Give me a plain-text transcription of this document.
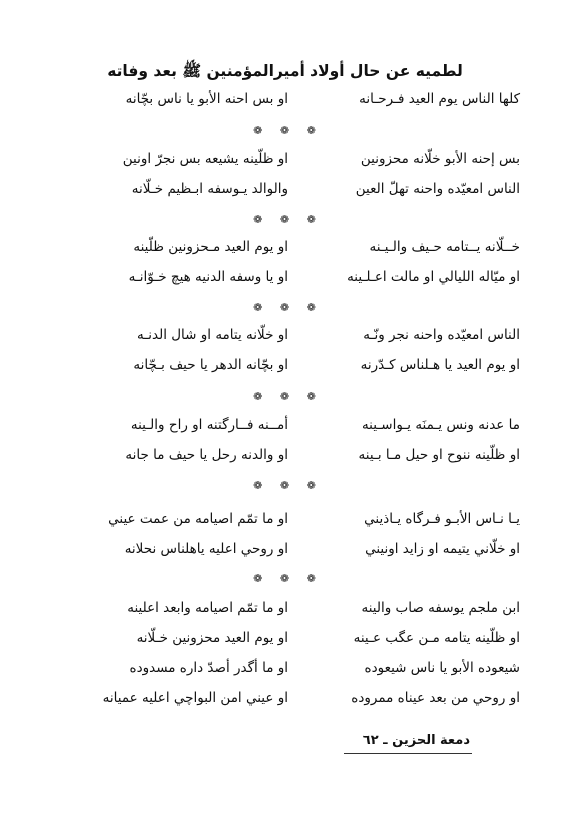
لطميه عن حال أولاد أميرالمؤمنين ﷺ بعد وفاته
كلها الناس يوم العيد فـرحـانه
او بس احنه الأبو يا ناس بچّانه
❁ ❁ ❁
بس إحنه الأبو خلّانه محزونين
او ظلّينه يشيعه بس نجرّ اونين
الناس امعيّده واحنه تهلّ العين
والوالد يـوسفه ابـظيم خـلّانه
❁ ❁ ❁
خــلّانه يــتامه حـيف والـيـنه
او يوم العيد مـحزونين ظلّينه
او ميّاله الليالي او مالت اعـلـينه
او يا وسفه الدنيه هيچ خـوّانـه
❁ ❁ ❁
الناس امعيّده واحنه نجر ونّـه
او خلّانه يتامه او شال الدنـه
او يوم العيد يا هـلناس كـدّرنه
او بچّانه الدهر يا حيف بـچّانه
❁ ❁ ❁
ما عدنه ونس يـمنَه يـواسـينه
أمــنه فــارگتنه او راح والـينه
او ظلّينه ننوح او حيل مـا بـينه
او والدنه رحل يا حيف ما جانه
❁ ❁ ❁
يـا نـاس الأبـو فـرگاه يـاذيني
او ما تمّم اصيامه من عمت عيني
او خلّاني يتيمه او زايد اونيني
او روحي اعليه ياهلناس نحلانه
❁ ❁ ❁
ابن ملجم يوسفه صاب والينه
او ما تمّم اصيامه وابعد اعلينه
او ظلّينه يتامه مـن عگب عـينه
او يوم العيد محزونين خـلّانه
شيعوده الأبو يا ناس شيعوده
او ما أگدر أصدّ داره مسدوده
او روحي من بعد عيناه ممروده
او عيني امن البواچي اعليه عميانه
دمعة الحزين ـ ٦٢
